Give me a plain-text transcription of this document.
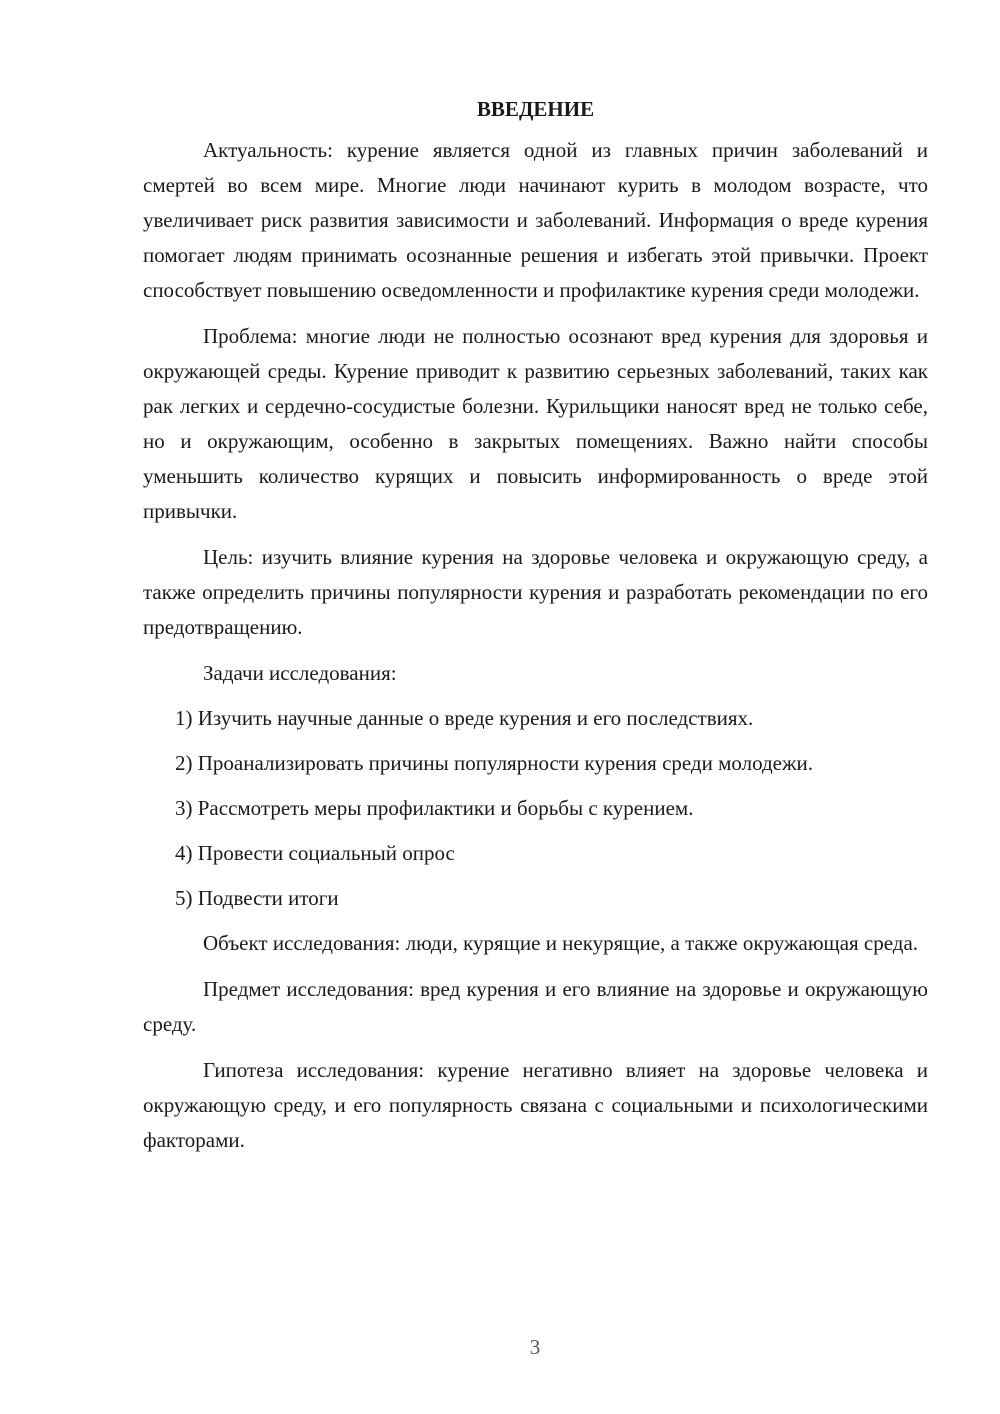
ВВЕДЕНИЕ

Актуальность: курение является одной из главных причин заболеваний и смертей во всем мире. Многие люди начинают курить в молодом возрасте, что увеличивает риск развития зависимости и заболеваний. Информация о вреде курения помогает людям принимать осознанные решения и избегать этой привычки. Проект способствует повышению осведомленности и профилактике курения среди молодежи.

Проблема: многие люди не полностью осознают вред курения для здоровья и окружающей среды. Курение приводит к развитию серьезных заболеваний, таких как рак легких и сердечно-сосудистые болезни. Курильщики наносят вред не только себе, но и окружающим, особенно в закрытых помещениях. Важно найти способы уменьшить количество курящих и повысить информированность о вреде этой привычки.

Цель: изучить влияние курения на здоровье человека и окружающую среду, а также определить причины популярности курения и разработать рекомендации по его предотвращению.

Задачи исследования:

1) Изучить научные данные о вреде курения и его последствиях.

2) Проанализировать причины популярности курения среди молодежи.

3) Рассмотреть меры профилактики и борьбы с курением.

4) Провести социальный опрос

5) Подвести итоги

Объект исследования: люди, курящие и некурящие, а также окружающая среда.

Предмет исследования: вред курения и его влияние на здоровье и окружающую среду.

Гипотеза исследования: курение негативно влияет на здоровье человека и окружающую среду, и его популярность связана с социальными и психологическими факторами.

3
